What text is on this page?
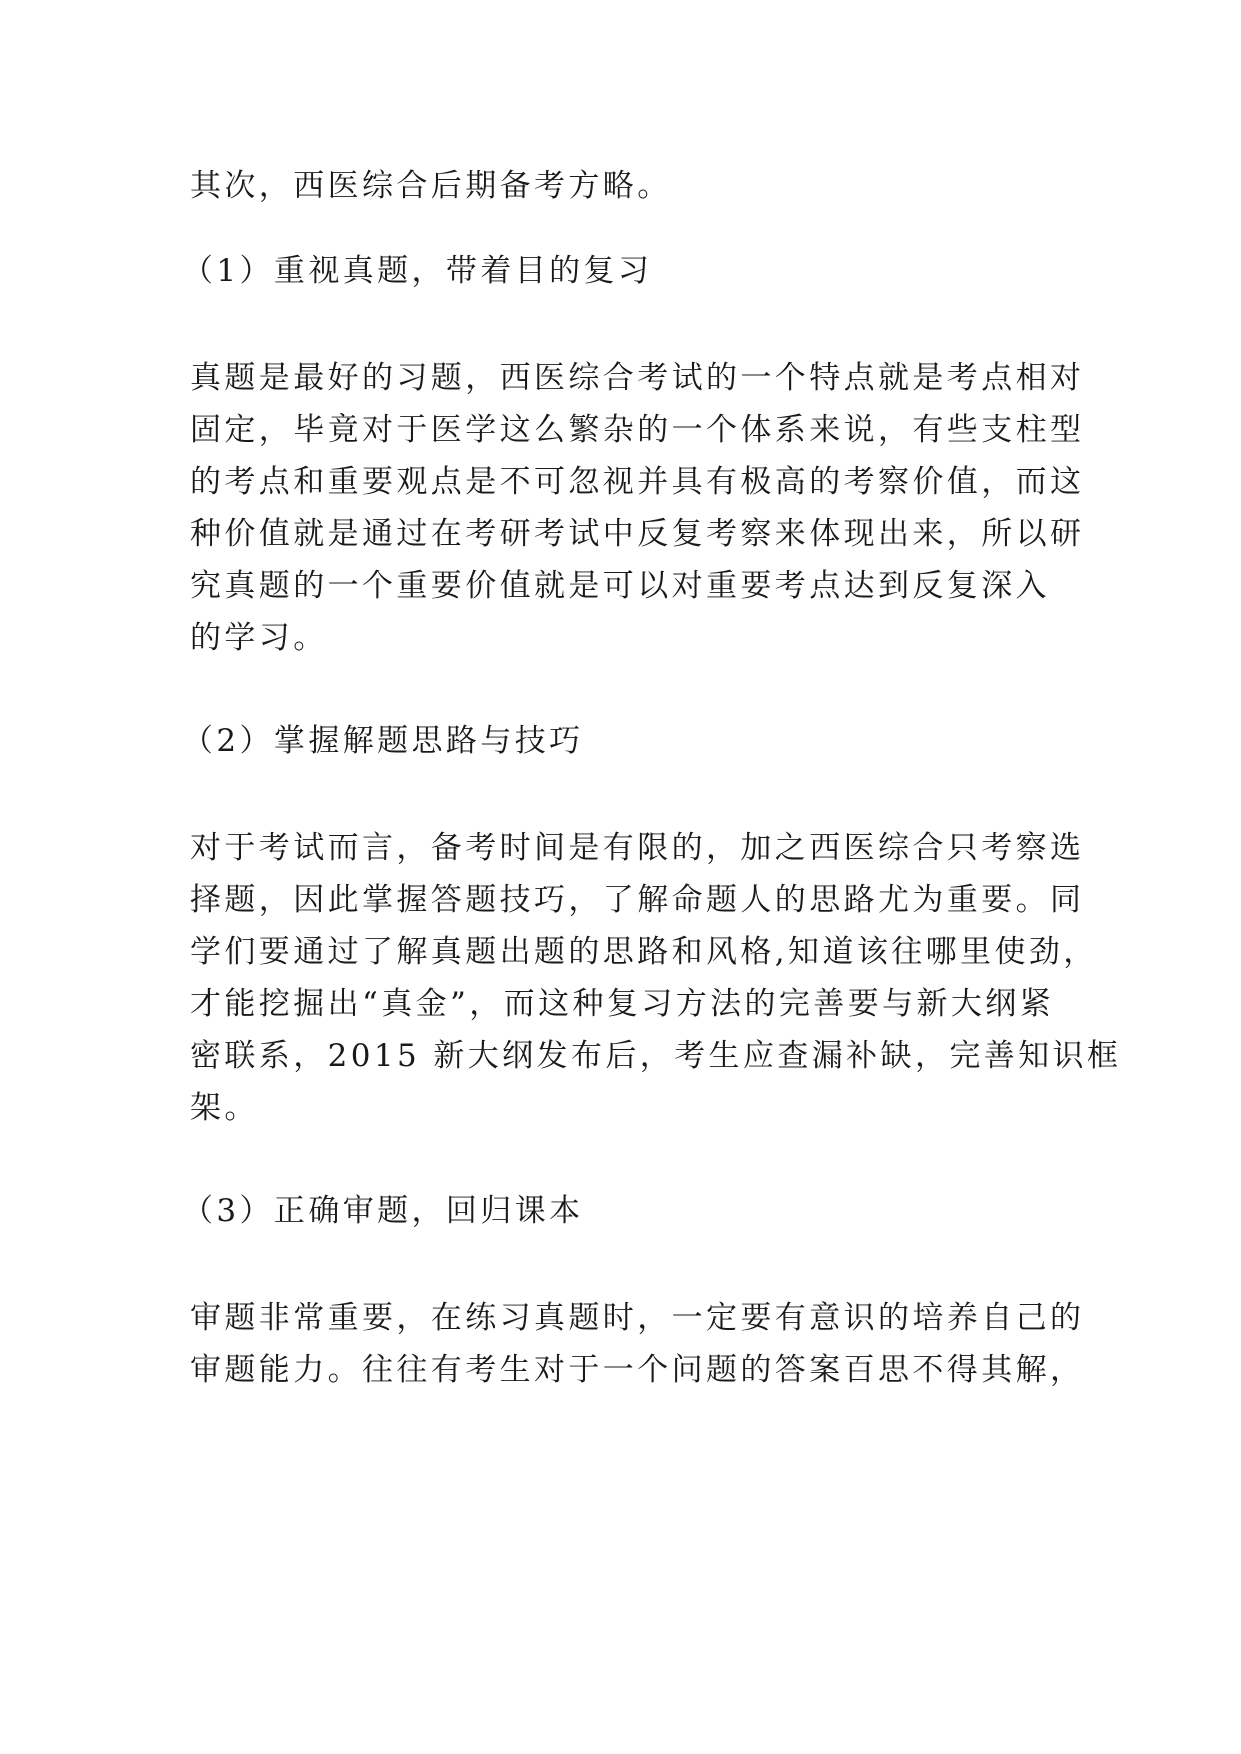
其次，西医综合后期备考方略。
（1）重视真题，带着目的复习
真题是最好的习题，西医综合考试的一个特点就是考点相对
固定，毕竟对于医学这么繁杂的一个体系来说，有些支柱型
的考点和重要观点是不可忽视并具有极高的考察价值，而这
种价值就是通过在考研考试中反复考察来体现出来，所以研
究真题的一个重要价值就是可以对重要考点达到反复深入
的学习。
（2）掌握解题思路与技巧
对于考试而言，备考时间是有限的，加之西医综合只考察选
择题，因此掌握答题技巧，了解命题人的思路尤为重要。同
学们要通过了解真题出题的思路和风格,知道该往哪里使劲，
才能挖掘出“真金”，而这种复习方法的完善要与新大纲紧
密联系，2015 新大纲发布后，考生应查漏补缺，完善知识框
架。
（3）正确审题，回归课本
审题非常重要，在练习真题时，一定要有意识的培养自己的
审题能力。往往有考生对于一个问题的答案百思不得其解，
